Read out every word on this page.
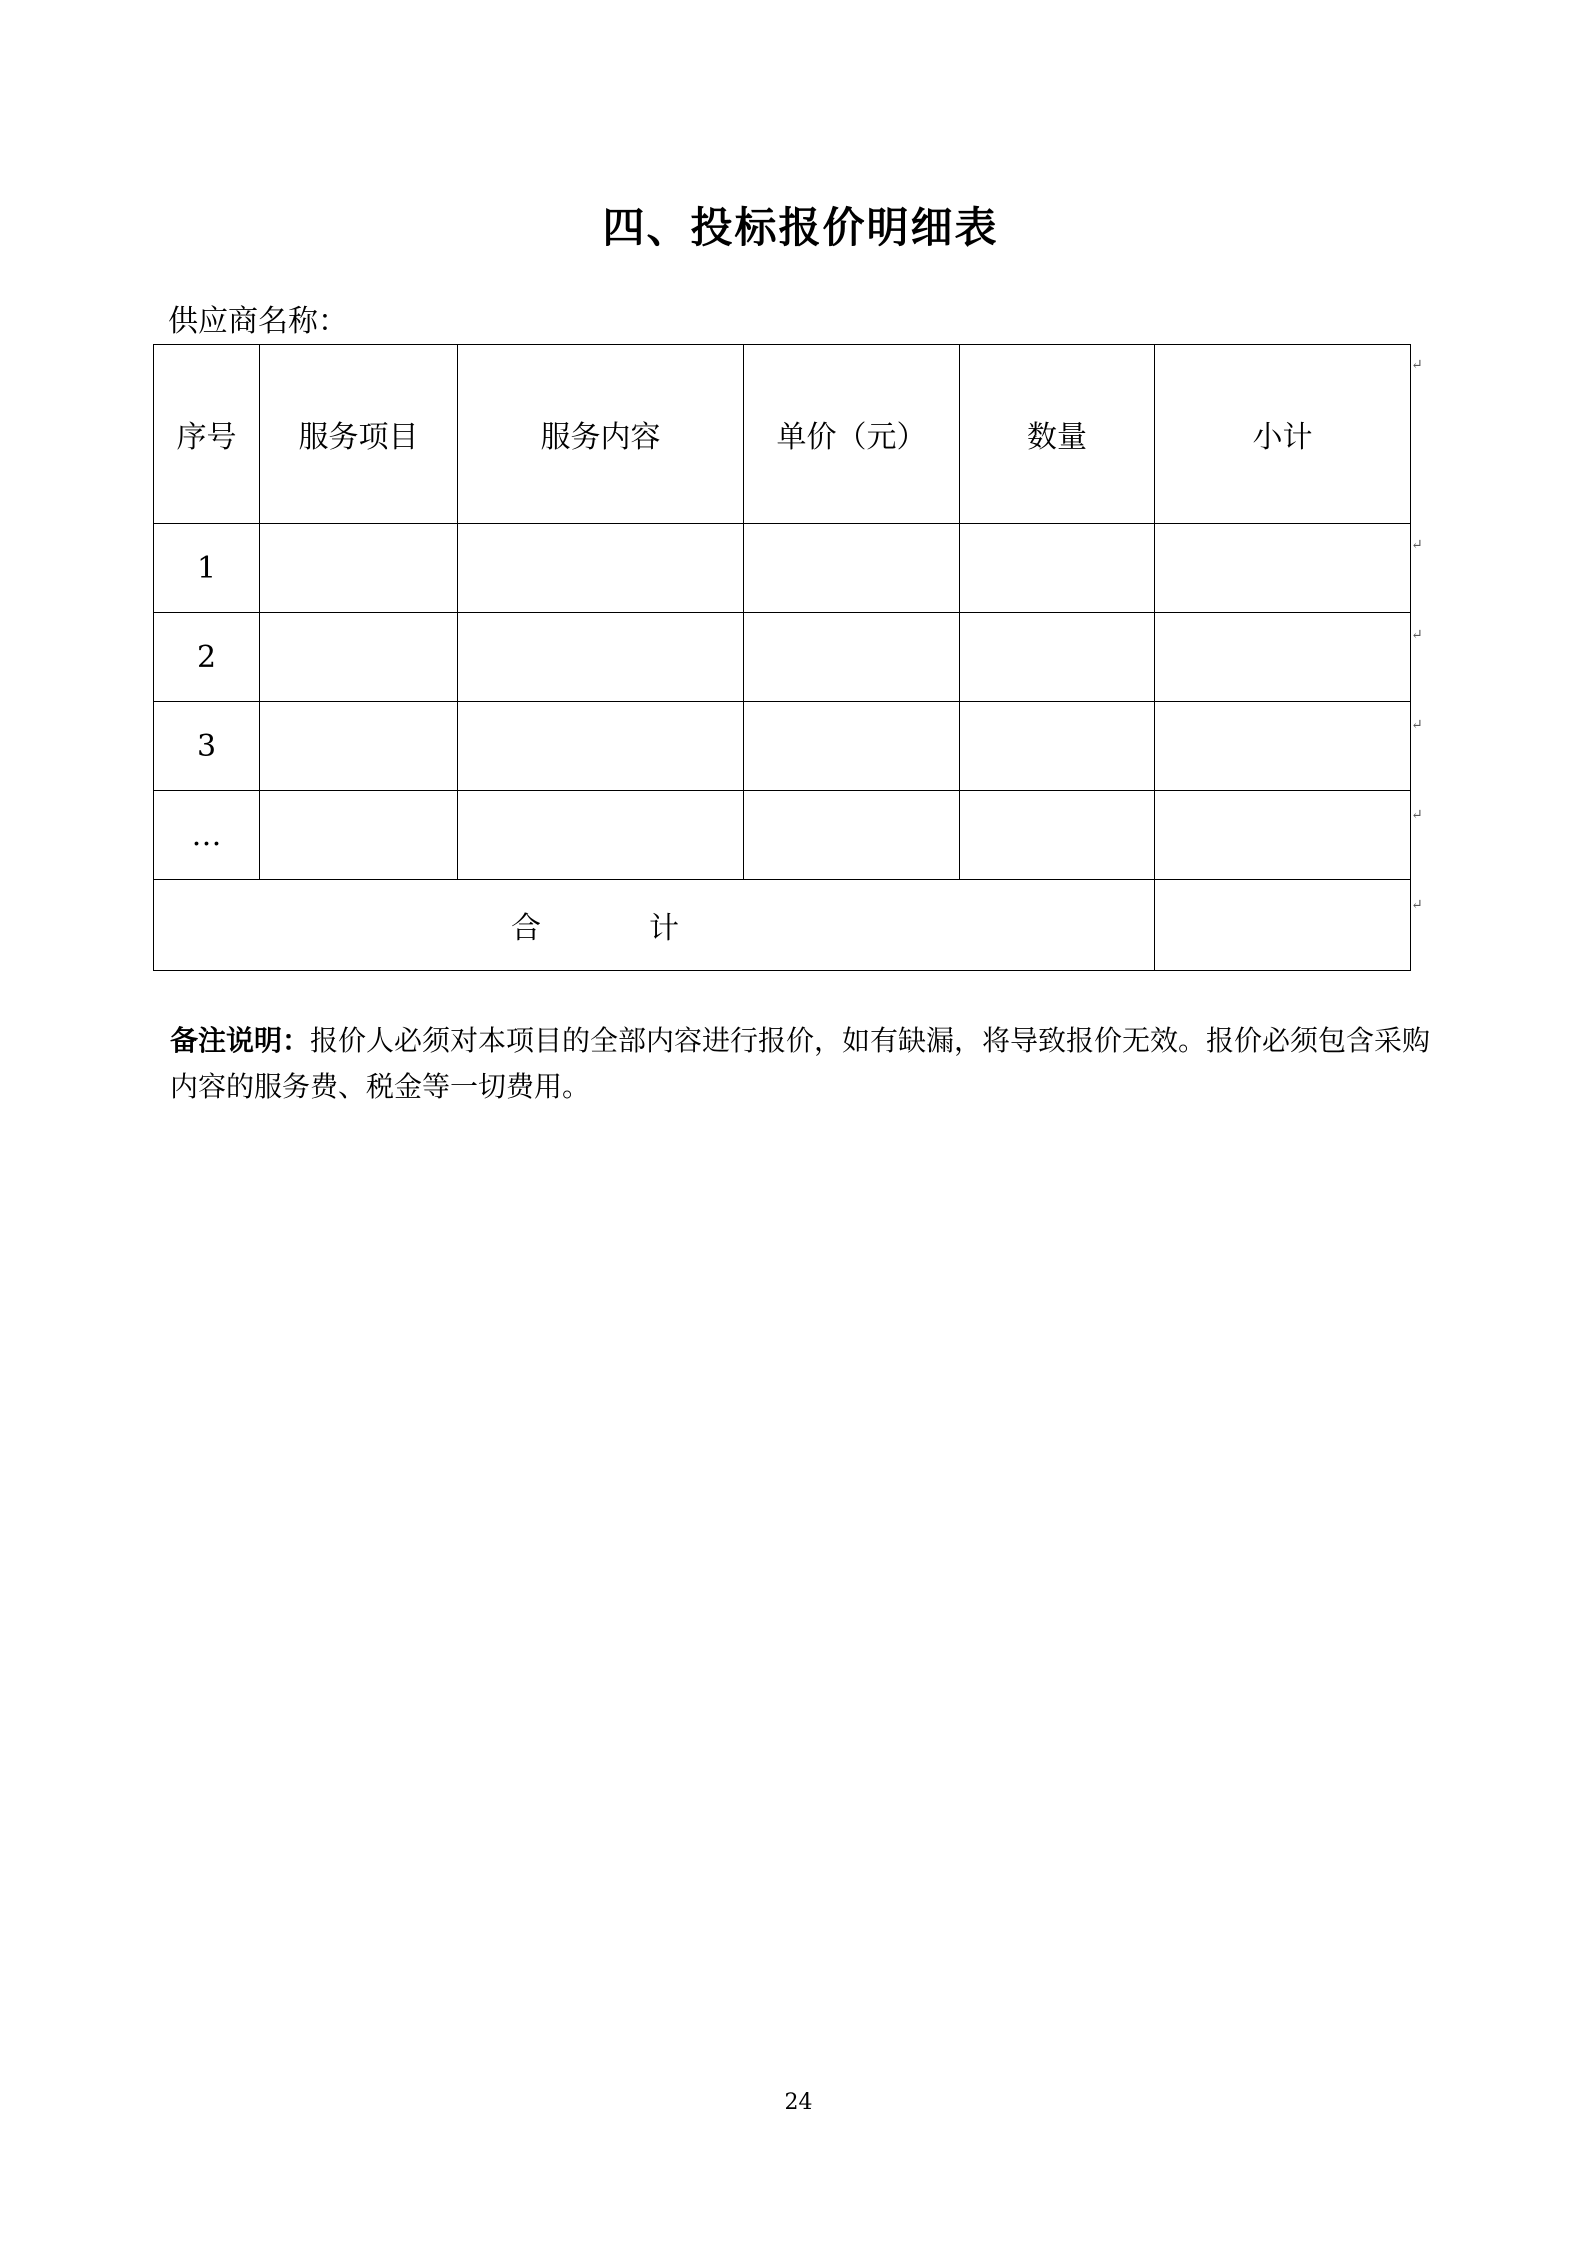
四、投标报价明细表
供应商名称：
序号	服务项目	服务内容	单价（元）	数量	小计
1					
2					
3					
…					
合 计					
↵
↵
↵
↵
↵
↵
备注说明：报价人必须对本项目的全部内容进行报价，如有缺漏，将导致报价无效。报价必须包含采购内容的服务费、税金等一切费用。
24
